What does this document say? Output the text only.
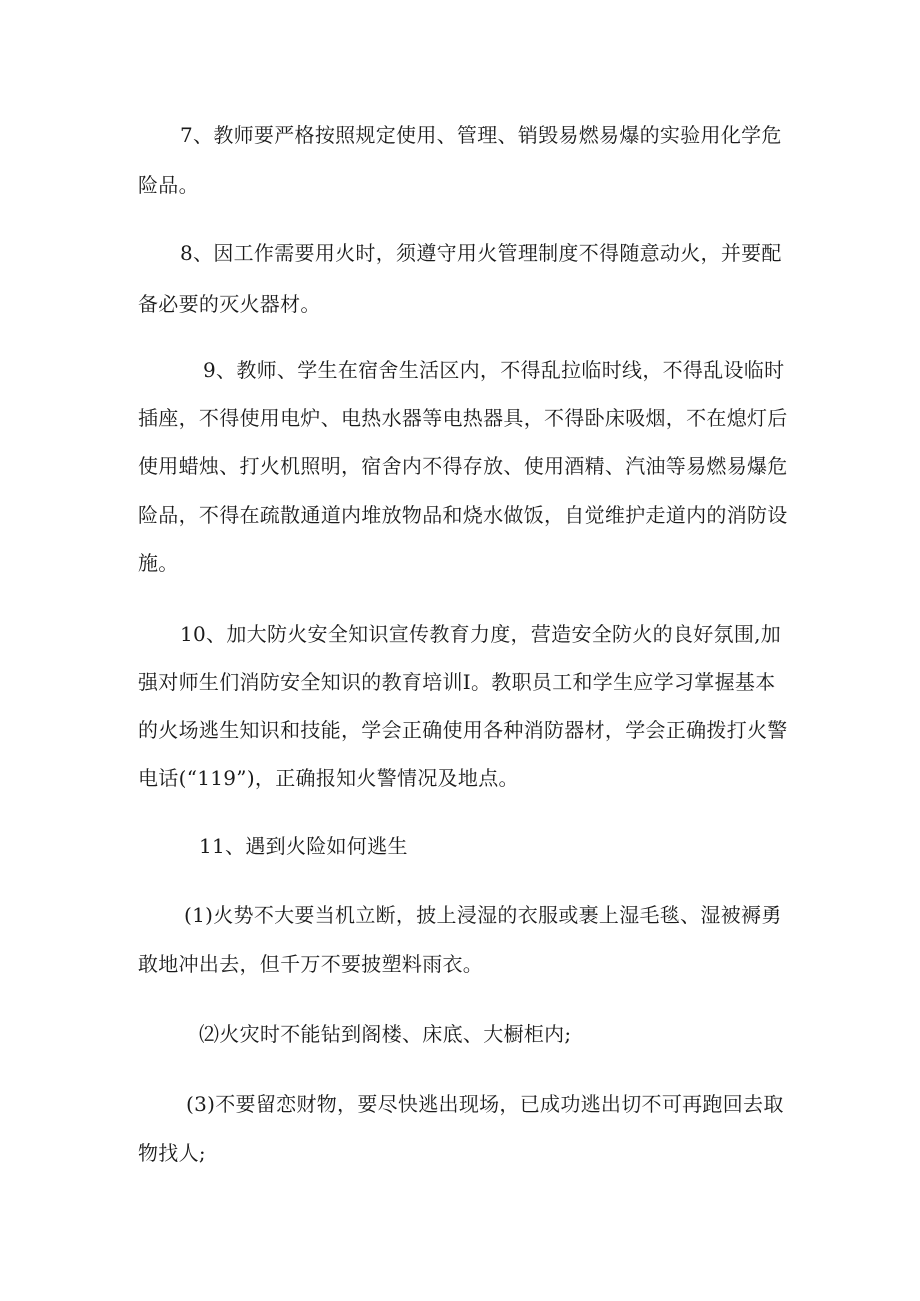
7、教师要严格按照规定使用、管理、销毁易燃易爆的实验用化学危
险品。
8、因工作需要用火时，须遵守用火管理制度不得随意动火，并要配
备必要的灭火器材。
9、教师、学生在宿舍生活区内，不得乱拉临时线，不得乱设临时
插座，不得使用电炉、电热水器等电热器具，不得卧床吸烟，不在熄灯后
使用蜡烛、打火机照明，宿舍内不得存放、使用酒精、汽油等易燃易爆危
险品，不得在疏散通道内堆放物品和烧水做饭，自觉维护走道内的消防设
施。
10、加大防火安全知识宣传教育力度，营造安全防火的良好氛围,加
强对师生们消防安全知识的教育培训Ⅰ。教职员工和学生应学习掌握基本
的火场逃生知识和技能，学会正确使用各种消防器材，学会正确拨打火警
电话(“119”)，正确报知火警情况及地点。
11、遇到火险如何逃生
(1)火势不大要当机立断，披上浸湿的衣服或裹上湿毛毯、湿被褥勇
敢地冲出去，但千万不要披塑料雨衣。
⑵火灾时不能钻到阁楼、床底、大橱柜内;
(3)不要留恋财物，要尽快逃出现场，已成功逃出切不可再跑回去取
物找人;
